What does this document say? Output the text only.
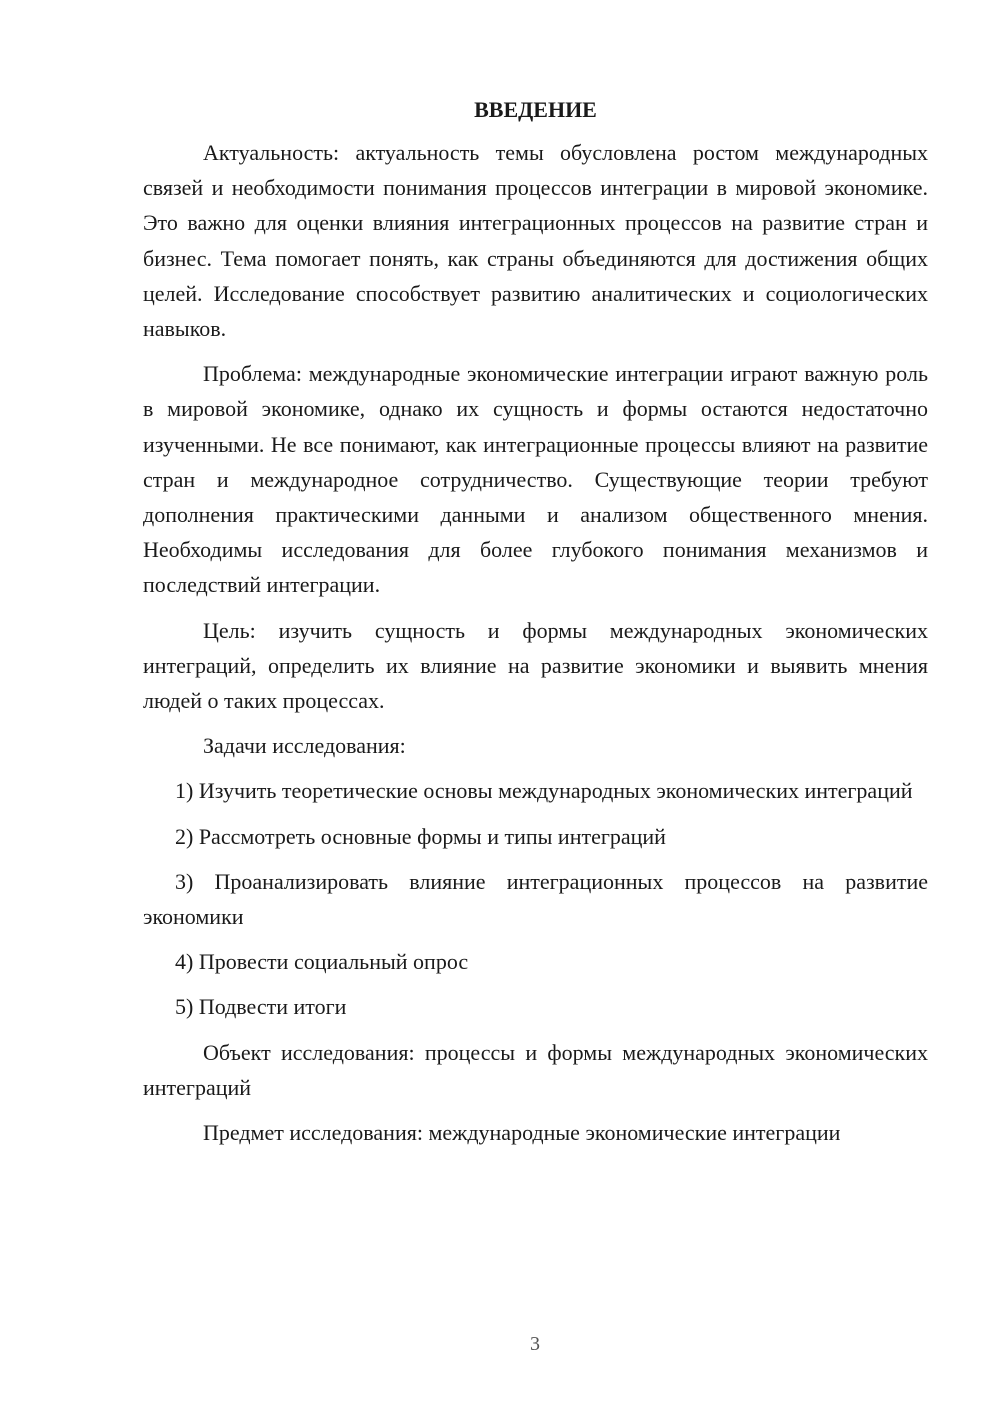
ВВЕДЕНИЕ

Актуальность: актуальность темы обусловлена ростом международных связей и необходимости понимания процессов интеграции в мировой экономике. Это важно для оценки влияния интеграционных процессов на развитие стран и бизнес. Тема помогает понять, как страны объединяются для достижения общих целей. Исследование способствует развитию аналитических и социологических навыков.

Проблема: международные экономические интеграции играют важную роль в мировой экономике, однако их сущность и формы остаются недостаточно изученными. Не все понимают, как интеграционные процессы влияют на развитие стран и международное сотрудничество. Существующие теории требуют дополнения практическими данными и анализом общественного мнения. Необходимы исследования для более глубокого понимания механизмов и последствий интеграции.

Цель: изучить сущность и формы международных экономических интеграций, определить их влияние на развитие экономики и выявить мнения людей о таких процессах.

Задачи исследования:

1) Изучить теоретические основы международных экономических интеграций

2) Рассмотреть основные формы и типы интеграций

3) Проанализировать влияние интеграционных процессов на развитие экономики

4) Провести социальный опрос

5) Подвести итоги

Объект исследования: процессы и формы международных экономических интеграций

Предмет исследования: международные экономические интеграции

3
